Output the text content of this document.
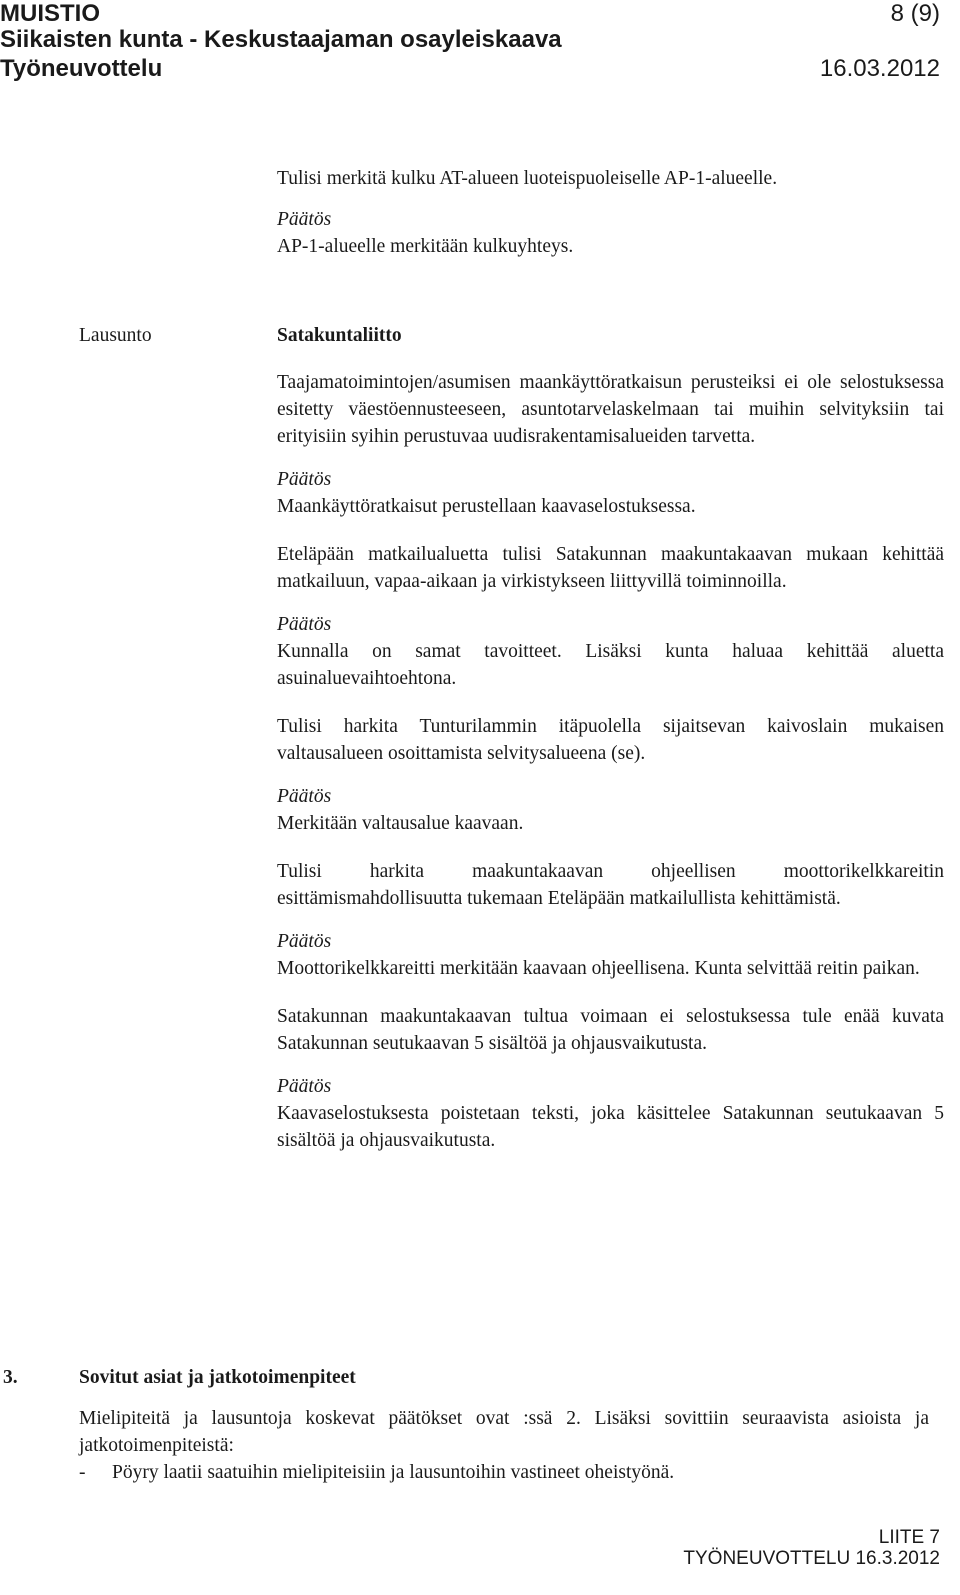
MUISTIO	8 (9)
Siikaisten kunta - Keskustaajaman osayleiskaava
Työneuvottelu	16.03.2012

Tulisi merkitä kulku AT-alueen luoteispuoleiselle AP-1-alueelle.

Päätös

AP-1-alueelle merkitään kulkuyhteys.

Lausunto	Satakuntaliitto

Taajamatoimintojen/asumisen maankäyttöratkaisun perusteiksi ei ole selostuksessa esitetty väestöennusteeseen, asuntotarvelaskelmaan tai muihin selvityksiin tai erityisiin syihin perustuvaa uudisrakentamisalueiden tarvetta.

Päätös

Maankäyttöratkaisut perustellaan kaavaselostuksessa.

Eteläpään matkailualuetta tulisi Satakunnan maakuntakaavan mukaan kehittää matkailuun, vapaa-aikaan ja virkistykseen liittyvillä toiminnoilla.

Päätös

Kunnalla on samat tavoitteet. Lisäksi kunta haluaa kehittää aluetta asuinaluevaihtoehtona.

Tulisi harkita Tunturilammin itäpuolella sijaitsevan kaivoslain mukaisen valtausalueen osoittamista selvitysalueena (se).

Päätös

Merkitään valtausalue kaavaan.

Tulisi harkita maakuntakaavan ohjeellisen moottorikelkkareitin esittämismahdollisuutta tukemaan Eteläpään matkailullista kehittämistä.

Päätös

Moottorikelkkareitti merkitään kaavaan ohjeellisena. Kunta selvittää reitin paikan.

Satakunnan maakuntakaavan tultua voimaan ei selostuksessa tule enää kuvata Satakunnan seutukaavan 5 sisältöä ja ohjausvaikutusta.

Päätös

Kaavaselostuksesta poistetaan teksti, joka käsittelee Satakunnan seutukaavan 5 sisältöä ja ohjausvaikutusta.

3.	Sovitut asiat ja jatkotoimenpiteet

Mielipiteitä ja lausuntoja koskevat päätökset ovat :ssä 2. Lisäksi sovittiin seuraavista asioista ja jatkotoimenpiteistä:

- Pöyry laatii saatuihin mielipiteisiin ja lausuntoihin vastineet oheistyönä.
LIITE 7
TYÖNEUVOTTELU 16.3.2012
